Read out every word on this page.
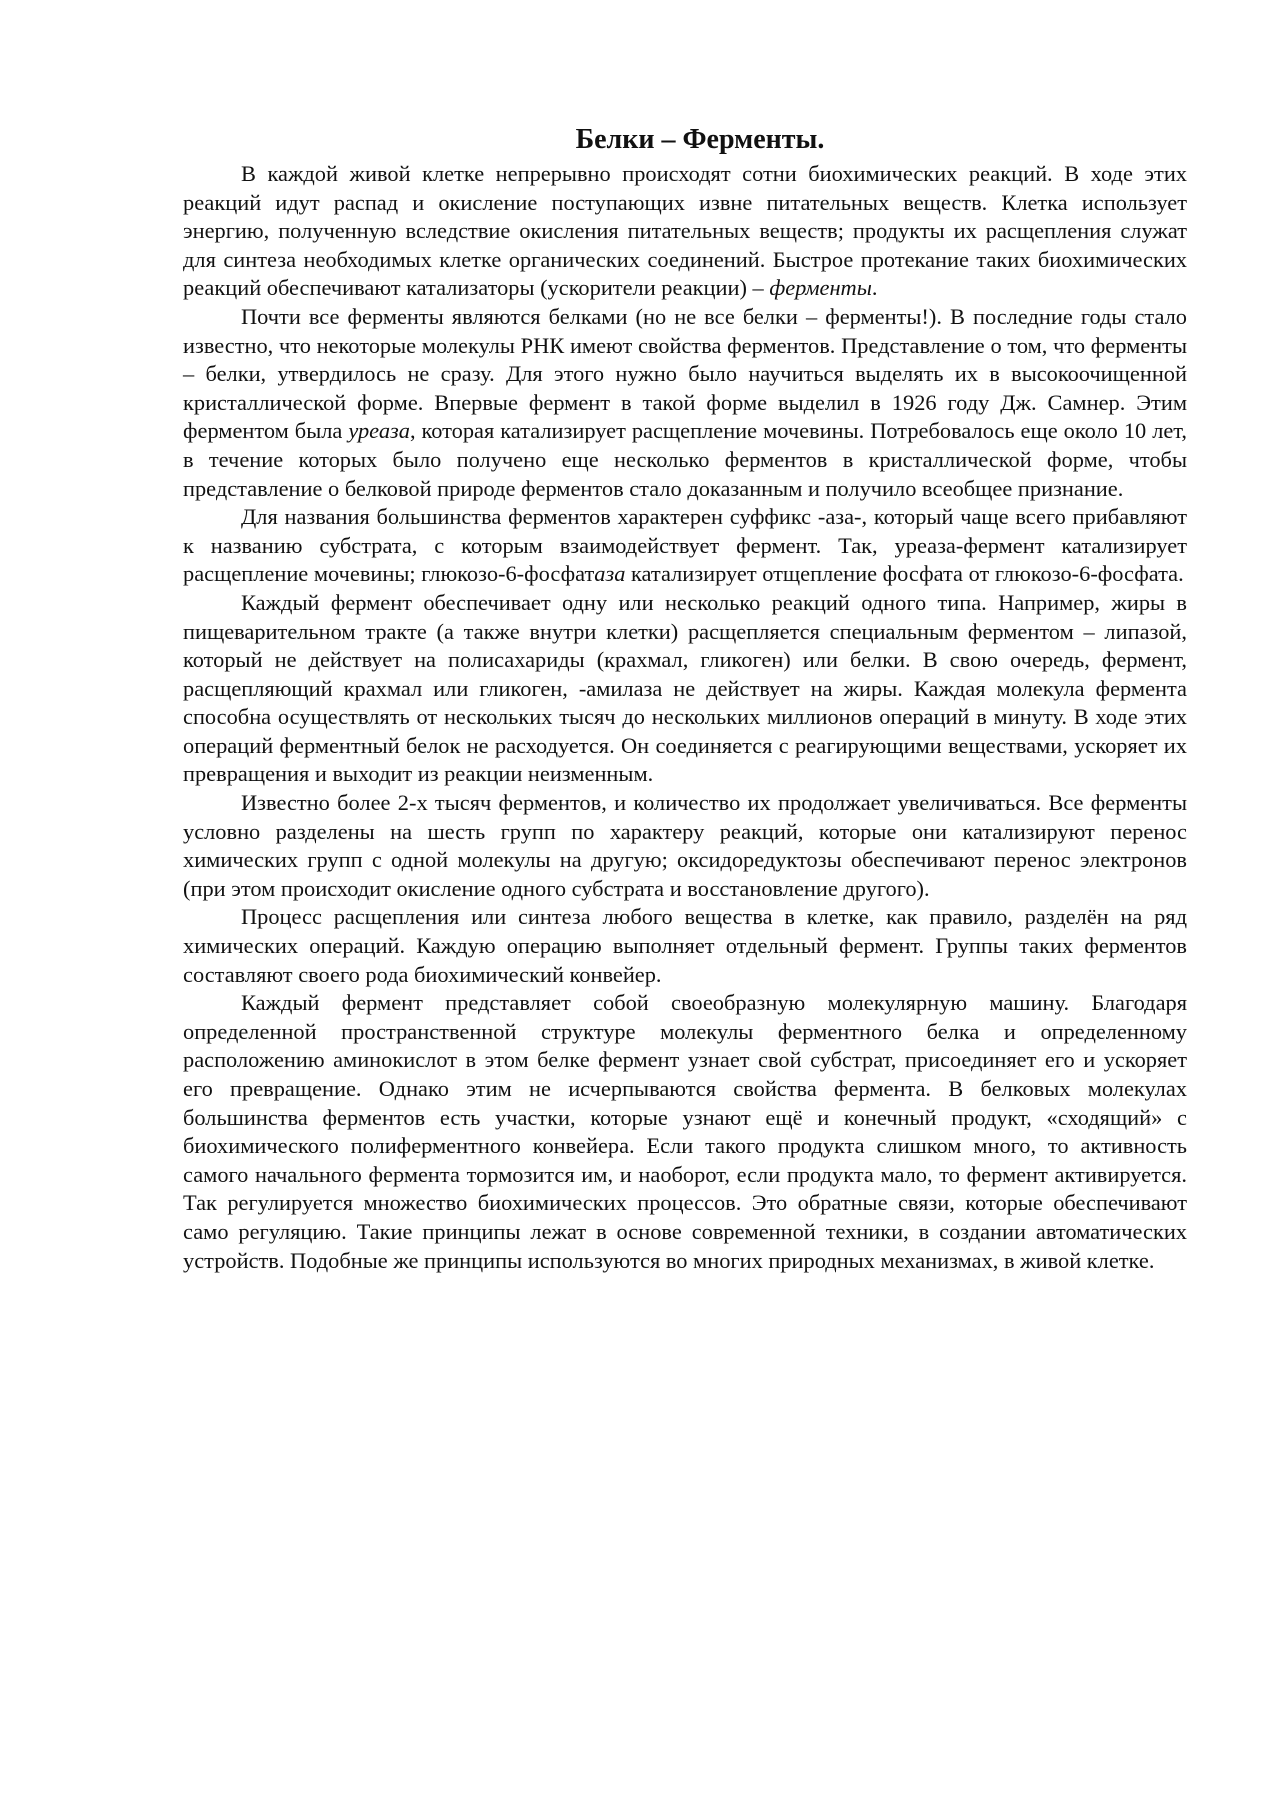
Белки – Ферменты.

В каждой живой клетке непрерывно происходят сотни биохимических реакций. В ходе этих реакций идут распад и окисление поступающих извне питательных веществ. Клетка использует энергию, полученную вследствие окисления питательных веществ; продукты их расщепления служат для синтеза необходимых клетке органических соединений. Быстрое протекание таких биохимических реакций обеспечивают катализаторы (ускорители реакции) – ферменты.

Почти все ферменты являются белками (но не все белки – ферменты!). В последние годы стало известно, что некоторые молекулы РНК имеют свойства ферментов. Представление о том, что ферменты – белки, утвердилось не сразу. Для этого нужно было научиться выделять их в высокоочищенной кристаллической форме. Впервые фермент в такой форме выделил в 1926 году Дж. Самнер. Этим ферментом была уреаза, которая катализирует расщепление мочевины. Потребовалось еще около 10 лет, в течение которых было получено еще несколько ферментов в кристаллической форме, чтобы представление о белковой природе ферментов стало доказанным и получило всеобщее признание.

Для названия большинства ферментов характерен суффикс -аза-, который чаще всего прибавляют к названию субстрата, с которым взаимодействует фермент. Так, уреаза-фермент катализирует расщепление мочевины; глюкозо-6-фосфатаза катализирует отщепление фосфата от глюкозо-6-фосфата.

Каждый фермент обеспечивает одну или несколько реакций одного типа. Например, жиры в пищеварительном тракте (а также внутри клетки) расщепляется специальным ферментом – липазой, который не действует на полисахариды (крахмал, гликоген) или белки. В свою очередь, фермент, расщепляющий крахмал или гликоген, -амилаза не действует на жиры. Каждая молекула фермента способна осуществлять от нескольких тысяч до нескольких миллионов операций в минуту. В ходе этих операций ферментный белок не расходуется. Он соединяется с реагирующими веществами, ускоряет их превращения и выходит из реакции неизменным.

Известно более 2-х тысяч ферментов, и количество их продолжает увеличиваться. Все ферменты условно разделены на шесть групп по характеру реакций, которые они катализируют перенос химических групп с одной молекулы на другую; оксидоредуктозы обеспечивают перенос электронов (при этом происходит окисление одного субстрата и восстановление другого).

Процесс расщепления или синтеза любого вещества в клетке, как правило, разделён на ряд химических операций. Каждую операцию выполняет отдельный фермент. Группы таких ферментов составляют своего рода биохимический конвейер.

Каждый фермент представляет собой своеобразную молекулярную машину. Благодаря определенной пространственной структуре молекулы ферментного белка и определенному расположению аминокислот в этом белке фермент узнает свой субстрат, присоединяет его и ускоряет его превращение. Однако этим не исчерпываются свойства фермента. В белковых молекулах большинства ферментов есть участки, которые узнают ещё и конечный продукт, «сходящий» с биохимического полиферментного конвейера. Если такого продукта слишком много, то активность самого начального фермента тормозится им, и наоборот, если продукта мало, то фермент активируется. Так регулируется множество биохимических процессов. Это обратные связи, которые обеспечивают само регуляцию. Такие принципы лежат в основе современной техники, в создании автоматических устройств. Подобные же принципы используются во многих природных механизмах, в живой клетке.
